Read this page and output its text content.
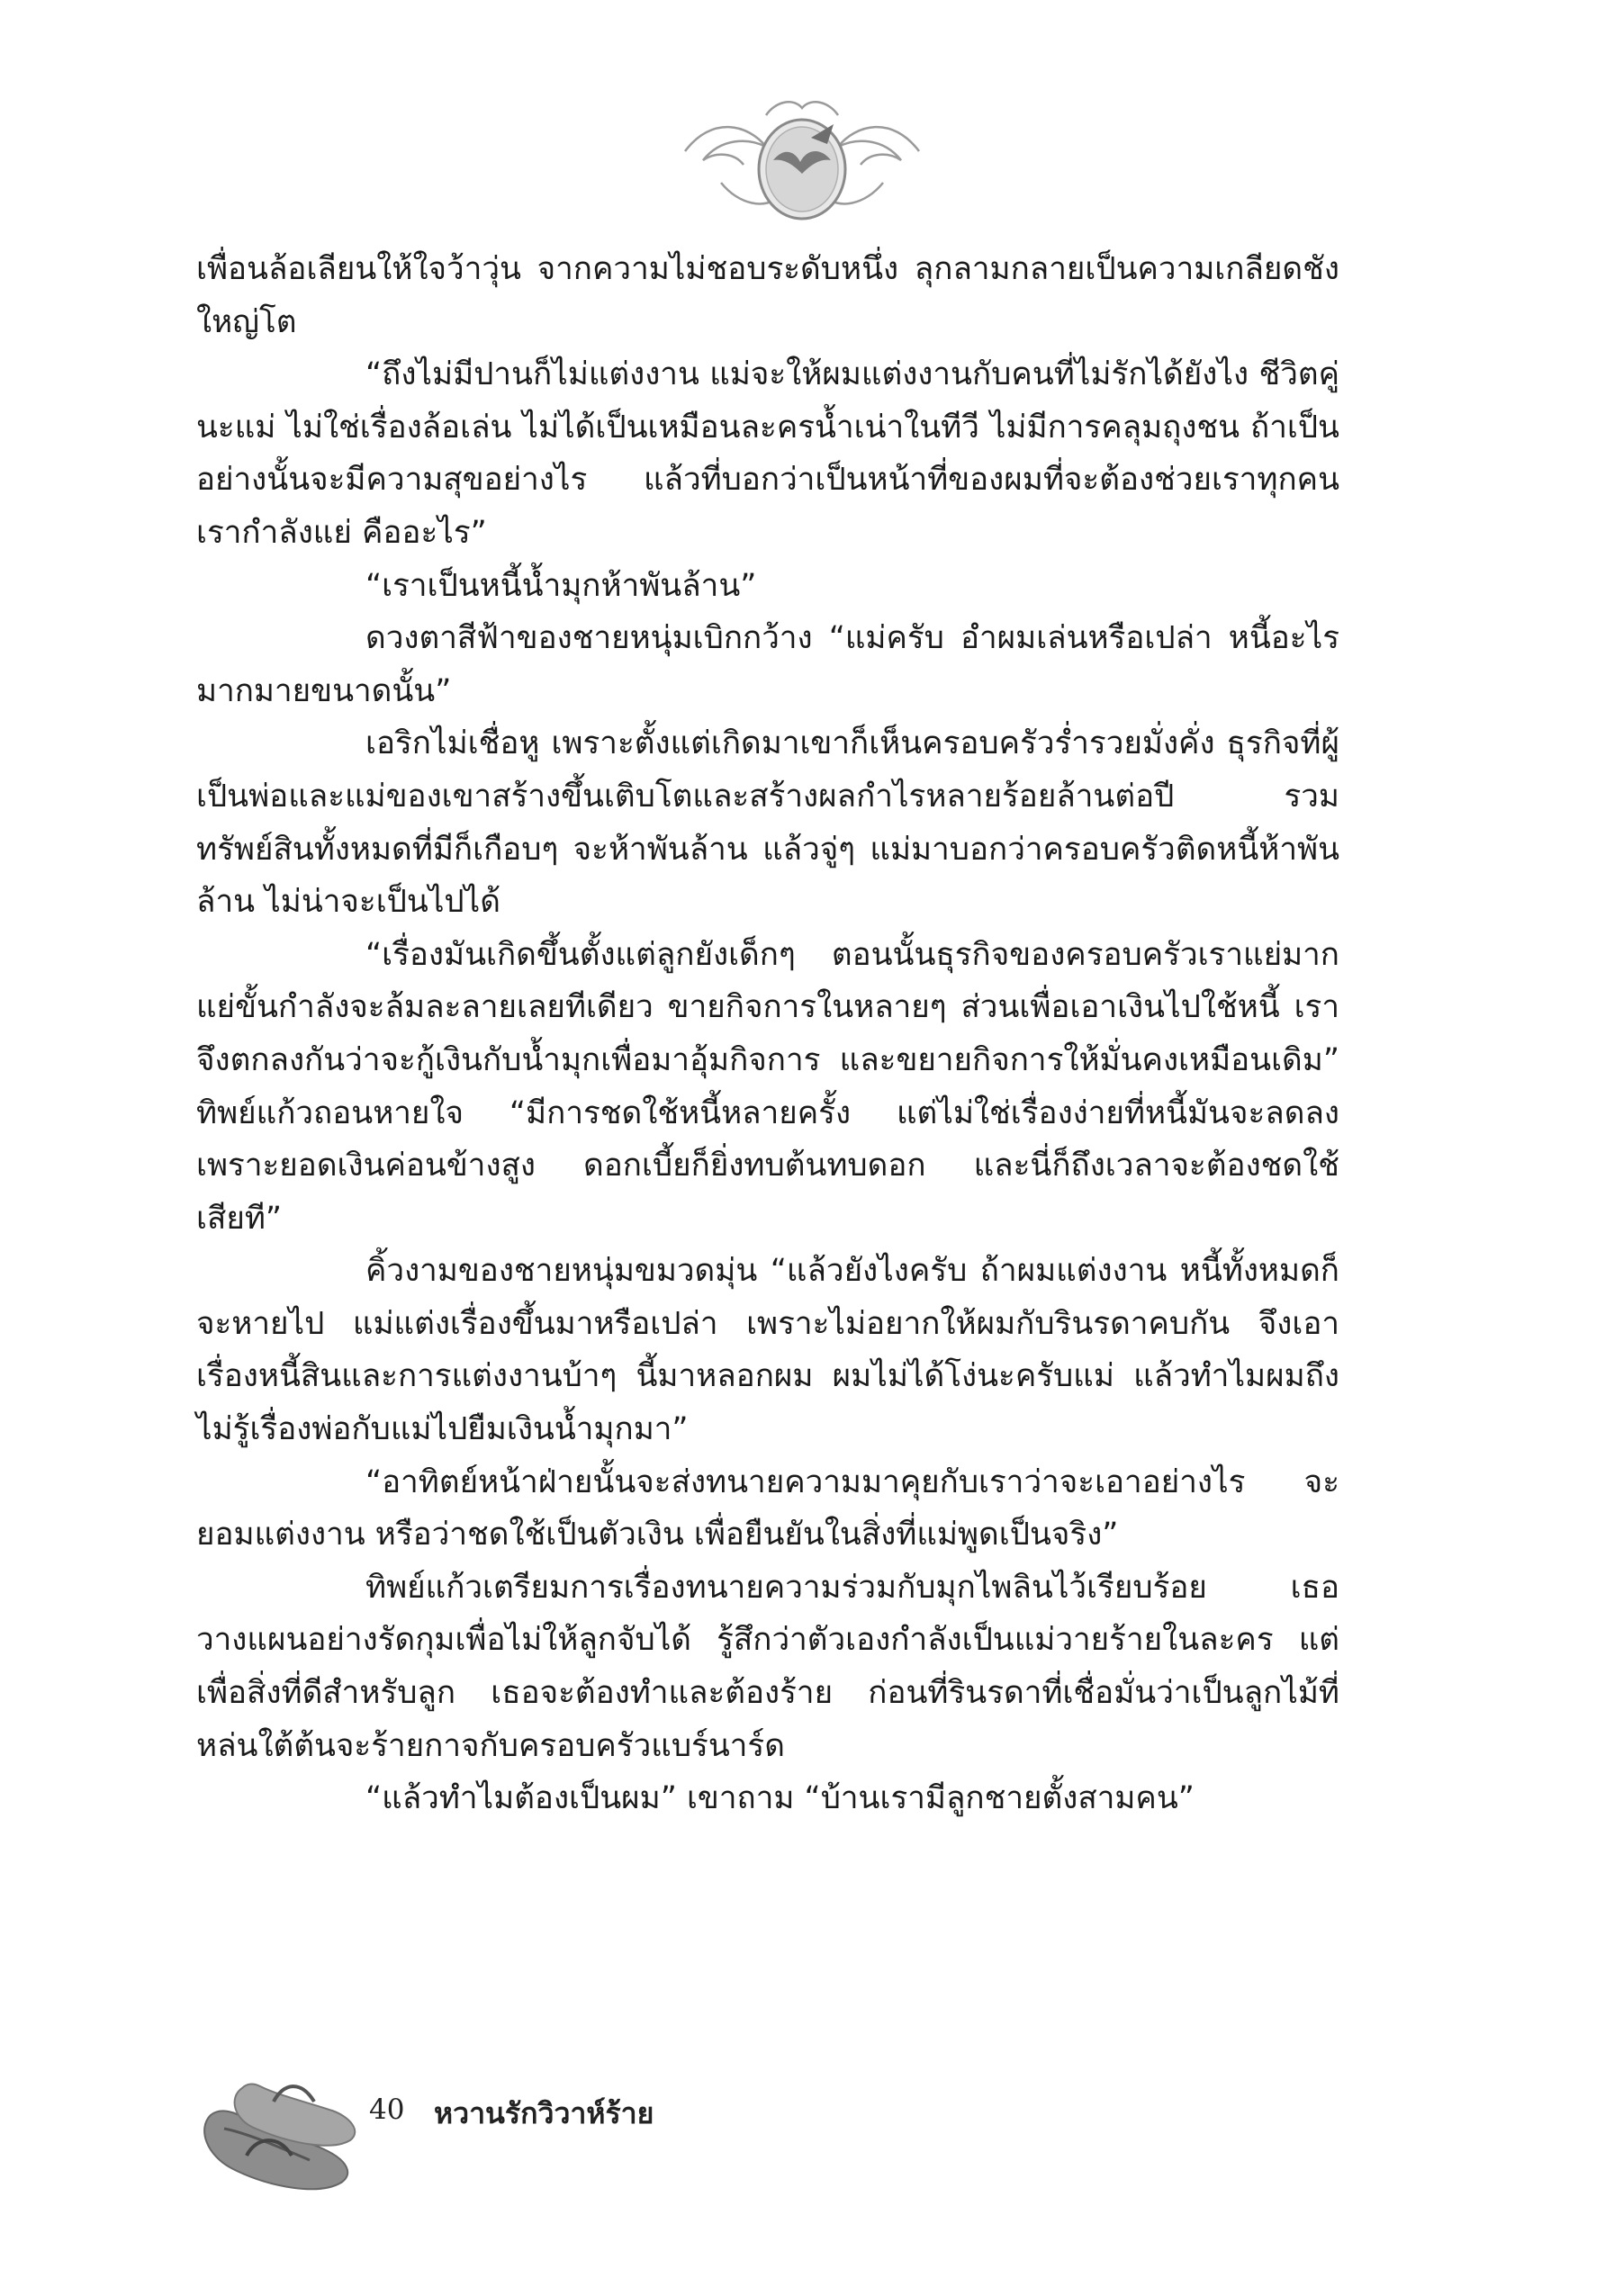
เพื่อนล้อเลียนให้ใจว้าวุ่น จากความไม่ชอบระดับหนึ่ง ลุกลามกลายเป็นความเกลียดชังใหญ่โต

“ถึงไม่มีปานก็ไม่แต่งงาน แม่จะให้ผมแต่งงานกับคนที่ไม่รักได้ยังไง ชีวิตคู่นะแม่ ไม่ใช่เรื่องล้อเล่น ไม่ได้เป็นเหมือนละครน้ำเน่าในทีวี ไม่มีการคลุมถุงชน ถ้าเป็นอย่างนั้นจะมีความสุขอย่างไร แล้วที่บอกว่าเป็นหน้าที่ของผมที่จะต้องช่วยเราทุกคน เรากำลังแย่ คืออะไร”

“เราเป็นหนี้น้ำมุกห้าพันล้าน”

ดวงตาสีฟ้าของชายหนุ่มเบิกกว้าง “แม่ครับ อำผมเล่นหรือเปล่า หนี้อะไรมากมายขนาดนั้น”

เอริกไม่เชื่อหู เพราะตั้งแต่เกิดมาเขาก็เห็นครอบครัวร่ำรวยมั่งคั่ง ธุรกิจที่ผู้เป็นพ่อและแม่ของเขาสร้างขึ้นเติบโตและสร้างผลกำไรหลายร้อยล้านต่อปี รวมทรัพย์สินทั้งหมดที่มีก็เกือบๆ จะห้าพันล้าน แล้วจู่ๆ แม่มาบอกว่าครอบครัวติดหนี้ห้าพันล้าน ไม่น่าจะเป็นไปได้

“เรื่องมันเกิดขึ้นตั้งแต่ลูกยังเด็กๆ ตอนนั้นธุรกิจของครอบครัวเราแย่มาก แย่ขั้นกำลังจะล้มละลายเลยทีเดียว ขายกิจการในหลายๆ ส่วนเพื่อเอาเงินไปใช้หนี้ เราจึงตกลงกันว่าจะกู้เงินกับน้ำมุกเพื่อมาอุ้มกิจการ และขยายกิจการให้มั่นคงเหมือนเดิม” ทิพย์แก้วถอนหายใจ “มีการชดใช้หนี้หลายครั้ง แต่ไม่ใช่เรื่องง่ายที่หนี้มันจะลดลง เพราะยอดเงินค่อนข้างสูง ดอกเบี้ยก็ยิ่งทบต้นทบดอก และนี่ก็ถึงเวลาจะต้องชดใช้เสียที”

คิ้วงามของชายหนุ่มขมวดมุ่น “แล้วยังไงครับ ถ้าผมแต่งงาน หนี้ทั้งหมดก็จะหายไป แม่แต่งเรื่องขึ้นมาหรือเปล่า เพราะไม่อยากให้ผมกับรินรดาคบกัน จึงเอาเรื่องหนี้สินและการแต่งงานบ้าๆ นี้มาหลอกผม ผมไม่ได้โง่นะครับแม่ แล้วทำไมผมถึงไม่รู้เรื่องพ่อกับแม่ไปยืมเงินน้ำมุกมา”

“อาทิตย์หน้าฝ่ายนั้นจะส่งทนายความมาคุยกับเราว่าจะเอาอย่างไร จะยอมแต่งงาน หรือว่าชดใช้เป็นตัวเงิน เพื่อยืนยันในสิ่งที่แม่พูดเป็นจริง”

ทิพย์แก้วเตรียมการเรื่องทนายความร่วมกับมุกไพลินไว้เรียบร้อย เธอวางแผนอย่างรัดกุมเพื่อไม่ให้ลูกจับได้ รู้สึกว่าตัวเองกำลังเป็นแม่วายร้ายในละคร แต่เพื่อสิ่งที่ดีสำหรับลูก เธอจะต้องทำและต้องร้าย ก่อนที่รินรดาที่เชื่อมั่นว่าเป็นลูกไม้ที่หล่นใต้ต้นจะร้ายกาจกับครอบครัวแบร์นาร์ด

“แล้วทำไมต้องเป็นผม” เขาถาม “บ้านเรามีลูกชายตั้งสามคน”

40 หวานรักวิวาห์ร้าย
